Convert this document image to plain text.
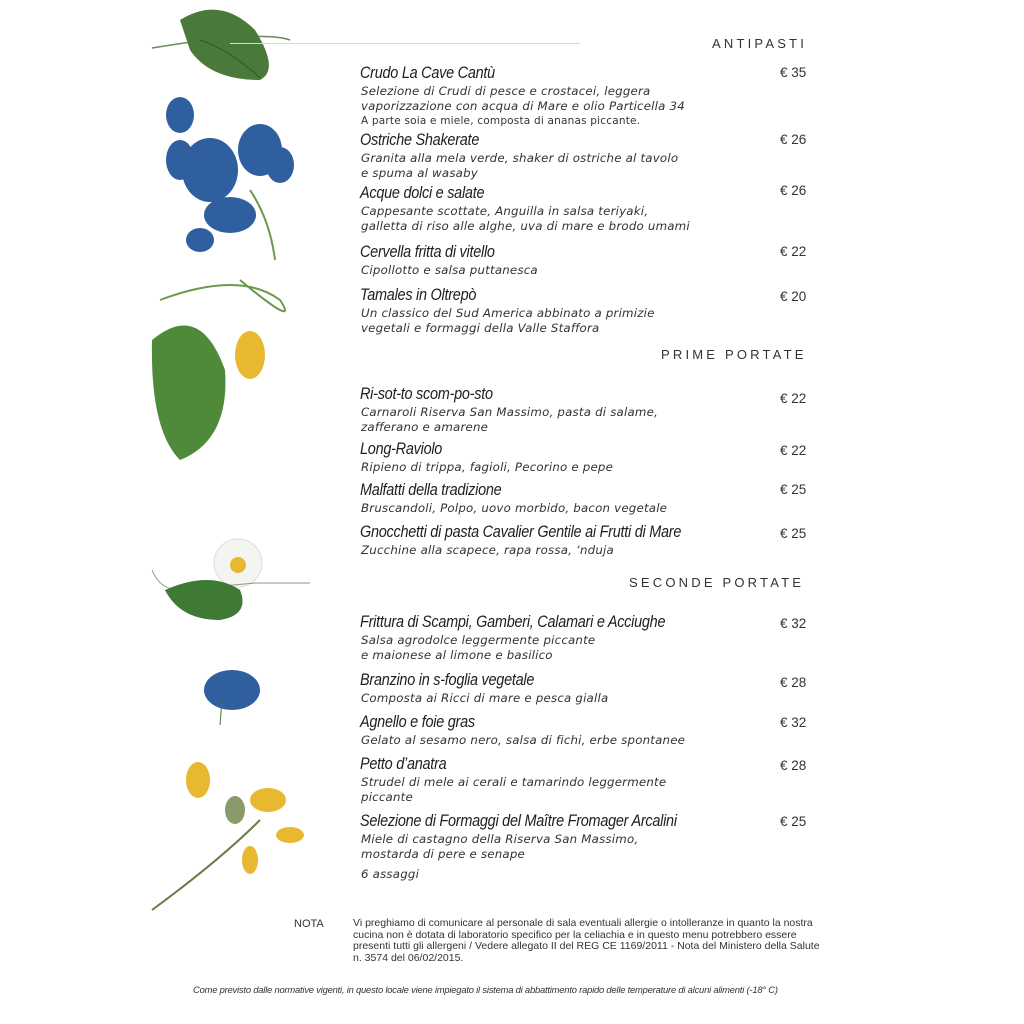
ANTIPASTI
Crudo La Cave Cantù	€ 35
Selezione di Crudi di pesce e crostacei, leggera
vaporizzazione con acqua di Mare e olio Particella 34
A parte soia e miele, composta di ananas piccante.
Ostriche Shakerate	€ 26
Granita alla mela verde, shaker di ostriche al tavolo
e spuma al wasaby
Acque dolci e salate	€ 26
Cappesante scottate, Anguilla in salsa teriyaki,
galletta di riso alle alghe, uva di mare e brodo umami
Cervella fritta di vitello	€ 22
Cipollotto e salsa puttanesca
Tamales in Oltrepò	€ 20
Un classico del Sud America abbinato a primizie
vegetali e formaggi della Valle Staffora
PRIME PORTATE
Ri-sot-to scom-po-sto	€ 22
Carnaroli Riserva San Massimo, pasta di salame,
zafferano e amarene
Long-Raviolo	€ 22
Ripieno di trippa, fagioli, Pecorino e pepe
Malfatti della tradizione	€ 25
Bruscandoli, Polpo, uovo morbido, bacon vegetale
Gnocchetti di pasta Cavalier Gentile ai Frutti di Mare	€ 25
Zucchine alla scapece, rapa rossa, ‘nduja
SECONDE PORTATE
Frittura di Scampi, Gamberi, Calamari e Acciughe	€ 32
Salsa agrodolce leggermente piccante
e maionese al limone e basilico
Branzino in s-foglia vegetale	€ 28
Composta ai Ricci di mare e pesca gialla
Agnello e foie gras	€ 32
Gelato al sesamo nero, salsa di fichi, erbe spontanee
Petto d’anatra	€ 28
Strudel di mele ai cerali e tamarindo leggermente
piccante
Selezione di Formaggi del Maître Fromager Arcalini	€ 25
Miele di castagno della Riserva San Massimo,
mostarda di pere e senape
6 assaggi
NOTA	Vi preghiamo di comunicare al personale di sala eventuali allergie o intolleranze in quanto la nostra cucina non è dotata di laboratorio specifico per la celiachia e in questo menu potrebbero essere presenti tutti gli allergeni / Vedere allegato II del REG CE 1169/2011 - Nota del Ministero della Salute n. 3574 del 06/02/2015.
Come previsto dalle normative vigenti, in questo locale viene impiegato il sistema di abbattimento rapido delle temperature di alcuni alimenti (-18° C)
